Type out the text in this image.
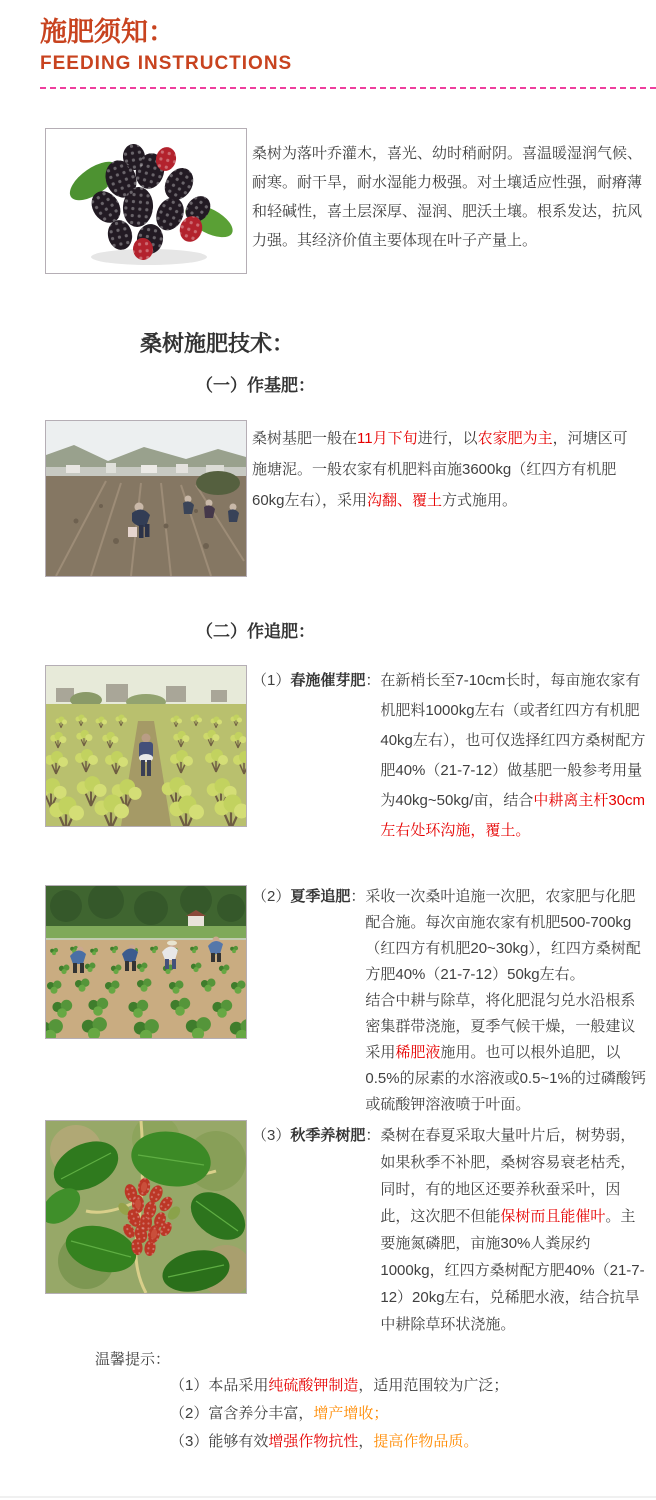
施肥须知：
FEEDING INSTRUCTIONS
桑树为落叶乔灌木，喜光、幼时稍耐阴。喜温暖湿润气候、耐寒。耐干旱，耐水湿能力极强。对土壤适应性强，耐瘠薄和轻碱性，喜土层深厚、湿润、肥沃土壤。根系发达，抗风力强。其经济价值主要体现在叶子产量上。
桑树施肥技术：
（一）作基肥：
桑树基肥一般在11月下旬进行，以农家肥为主，河塘区可施塘泥。一般农家有机肥料亩施3600kg（红四方有机肥60kg左右），采用沟翻、覆土方式施用。
（二）作追肥：
（1）春施催芽肥： 在新梢长至7-10cm长时，每亩施农家有机肥料1000kg左右（或者红四方有机肥40kg左右），也可仅选择红四方桑树配方肥40%（21-7-12）做基肥一般参考用量为40kg~50kg/亩，结合中耕离主杆30cm左右处环沟施，覆土。
（2）夏季追肥： 采收一次桑叶追施一次肥，农家肥与化肥配合施。每次亩施农家有机肥500-700kg（红四方有机肥20~30kg），红四方桑树配方肥40%（21-7-12）50kg左右。
结合中耕与除草，将化肥混匀兑水沿根系密集群带浇施，夏季气候干燥，一般建议采用稀肥液施用。也可以根外追肥，以0.5%的尿素的水溶液或0.5~1%的过磷酸钙或硫酸钾溶液喷于叶面。
（3）秋季养树肥： 桑树在春夏采取大量叶片后，树势弱，如果秋季不补肥，桑树容易衰老枯秃，同时，有的地区还要养秋蚕采叶，因此，这次肥不但能保树而且能催叶。主要施氮磷肥，亩施30%人粪尿约1000kg，红四方桑树配方肥40%（21-7-12）20kg左右，兑稀肥水液，结合抗旱中耕除草环状浇施。
温馨提示：
（1）本品采用纯硫酸钾制造，适用范围较为广泛；
（2）富含养分丰富，增产增收；
（3）能够有效增强作物抗性，提高作物品质。
